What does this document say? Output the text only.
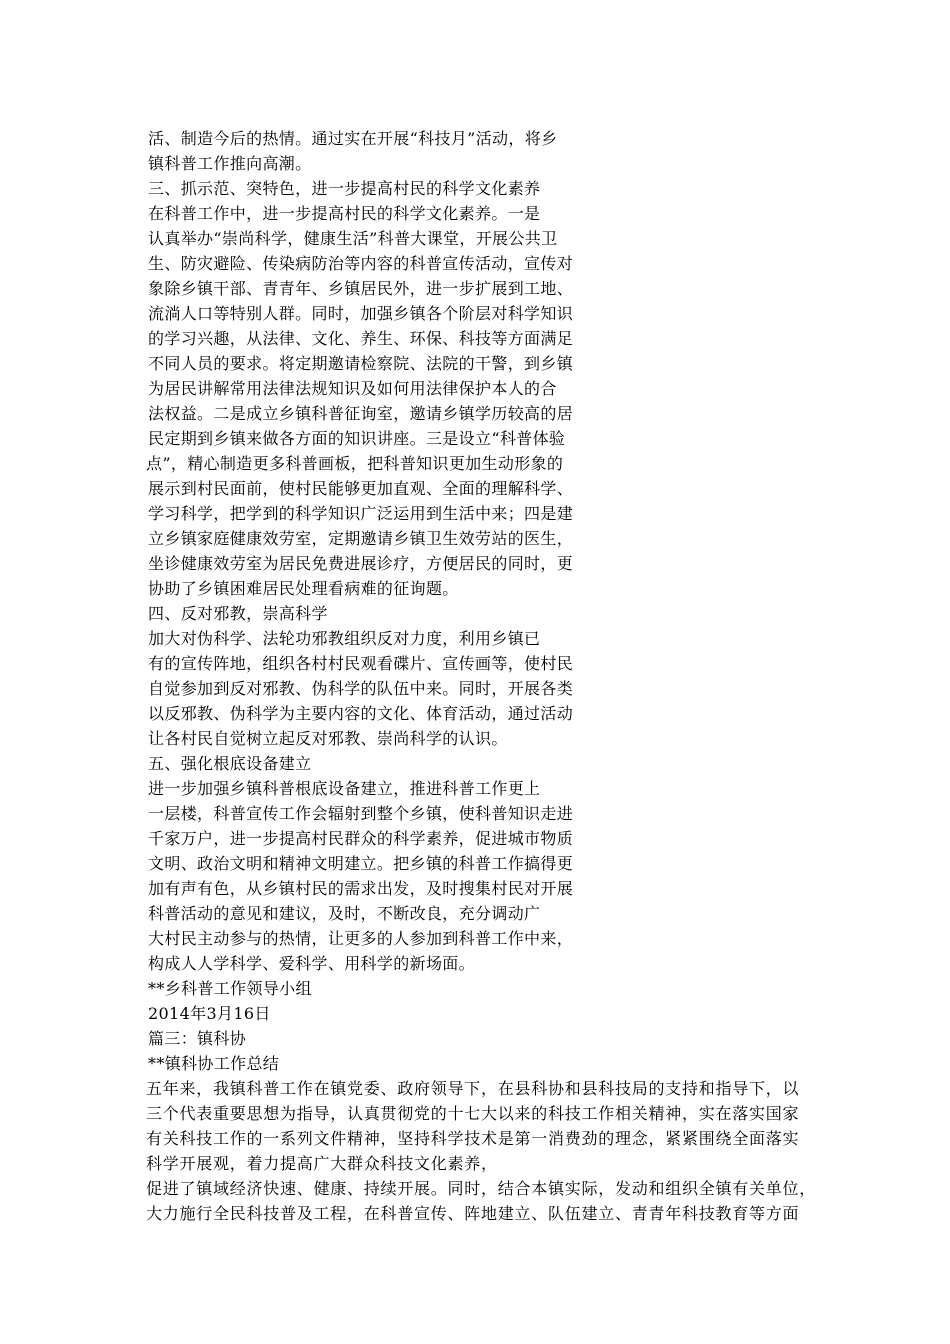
活、制造今后的热情。通过实在开展“科技月”活动，将乡
镇科普工作推向高潮。
三、抓示范、突特色，进一步提高村民的科学文化素养
在科普工作中，进一步提高村民的科学文化素养。一是
认真举办“崇尚科学，健康生活”科普大课堂，开展公共卫
生、防灾避险、传染病防治等内容的科普宣传活动，宣传对
象除乡镇干部、青青年、乡镇居民外，进一步扩展到工地、
流淌人口等特别人群。同时，加强乡镇各个阶层对科学知识
的学习兴趣，从法律、文化、养生、环保、科技等方面满足
不同人员的要求。将定期邀请检察院、法院的干警，到乡镇
为居民讲解常用法律法规知识及如何用法律保护本人的合
法权益。二是成立乡镇科普征询室，邀请乡镇学历较高的居
民定期到乡镇来做各方面的知识讲座。三是设立“科普体验
点”，精心制造更多科普画板，把科普知识更加生动形象的
展示到村民面前，使村民能够更加直观、全面的理解科学、
学习科学，把学到的科学知识广泛运用到生活中来；四是建
立乡镇家庭健康效劳室，定期邀请乡镇卫生效劳站的医生，
坐诊健康效劳室为居民免费进展诊疗，方便居民的同时，更
协助了乡镇困难居民处理看病难的征询题。
四、反对邪教，崇高科学
加大对伪科学、法轮功邪教组织反对力度，利用乡镇已
有的宣传阵地，组织各村村民观看碟片、宣传画等，使村民
自觉参加到反对邪教、伪科学的队伍中来。同时，开展各类
以反邪教、伪科学为主要内容的文化、体育活动，通过活动
让各村民自觉树立起反对邪教、崇尚科学的认识。
五、强化根底设备建立
进一步加强乡镇科普根底设备建立，推进科普工作更上
一层楼，科普宣传工作会辐射到整个乡镇，使科普知识走进
千家万户，进一步提高村民群众的科学素养，促进城市物质
文明、政治文明和精神文明建立。把乡镇的科普工作搞得更
加有声有色，从乡镇村民的需求出发，及时搜集村民对开展
科普活动的意见和建议，及时，不断改良，充分调动广
大村民主动参与的热情，让更多的人参加到科普工作中来，
构成人人学科学、爱科学、用科学的新场面。
**乡科普工作领导小组
2014年3月16日
篇三：镇科协
**镇科协工作总结
五年来，我镇科普工作在镇党委、政府领导下，在县科协和县科技局的支持和指导下，以
三个代表重要思想为指导，认真贯彻党的十七大以来的科技工作相关精神，实在落实国家
有关科技工作的一系列文件精神，坚持科学技术是第一消费劲的理念，紧紧围绕全面落实
科学开展观，着力提高广大群众科技文化素养，
促进了镇域经济快速、健康、持续开展。同时，结合本镇实际，发动和组织全镇有关单位，
大力施行全民科技普及工程，在科普宣传、阵地建立、队伍建立、青青年科技教育等方面
